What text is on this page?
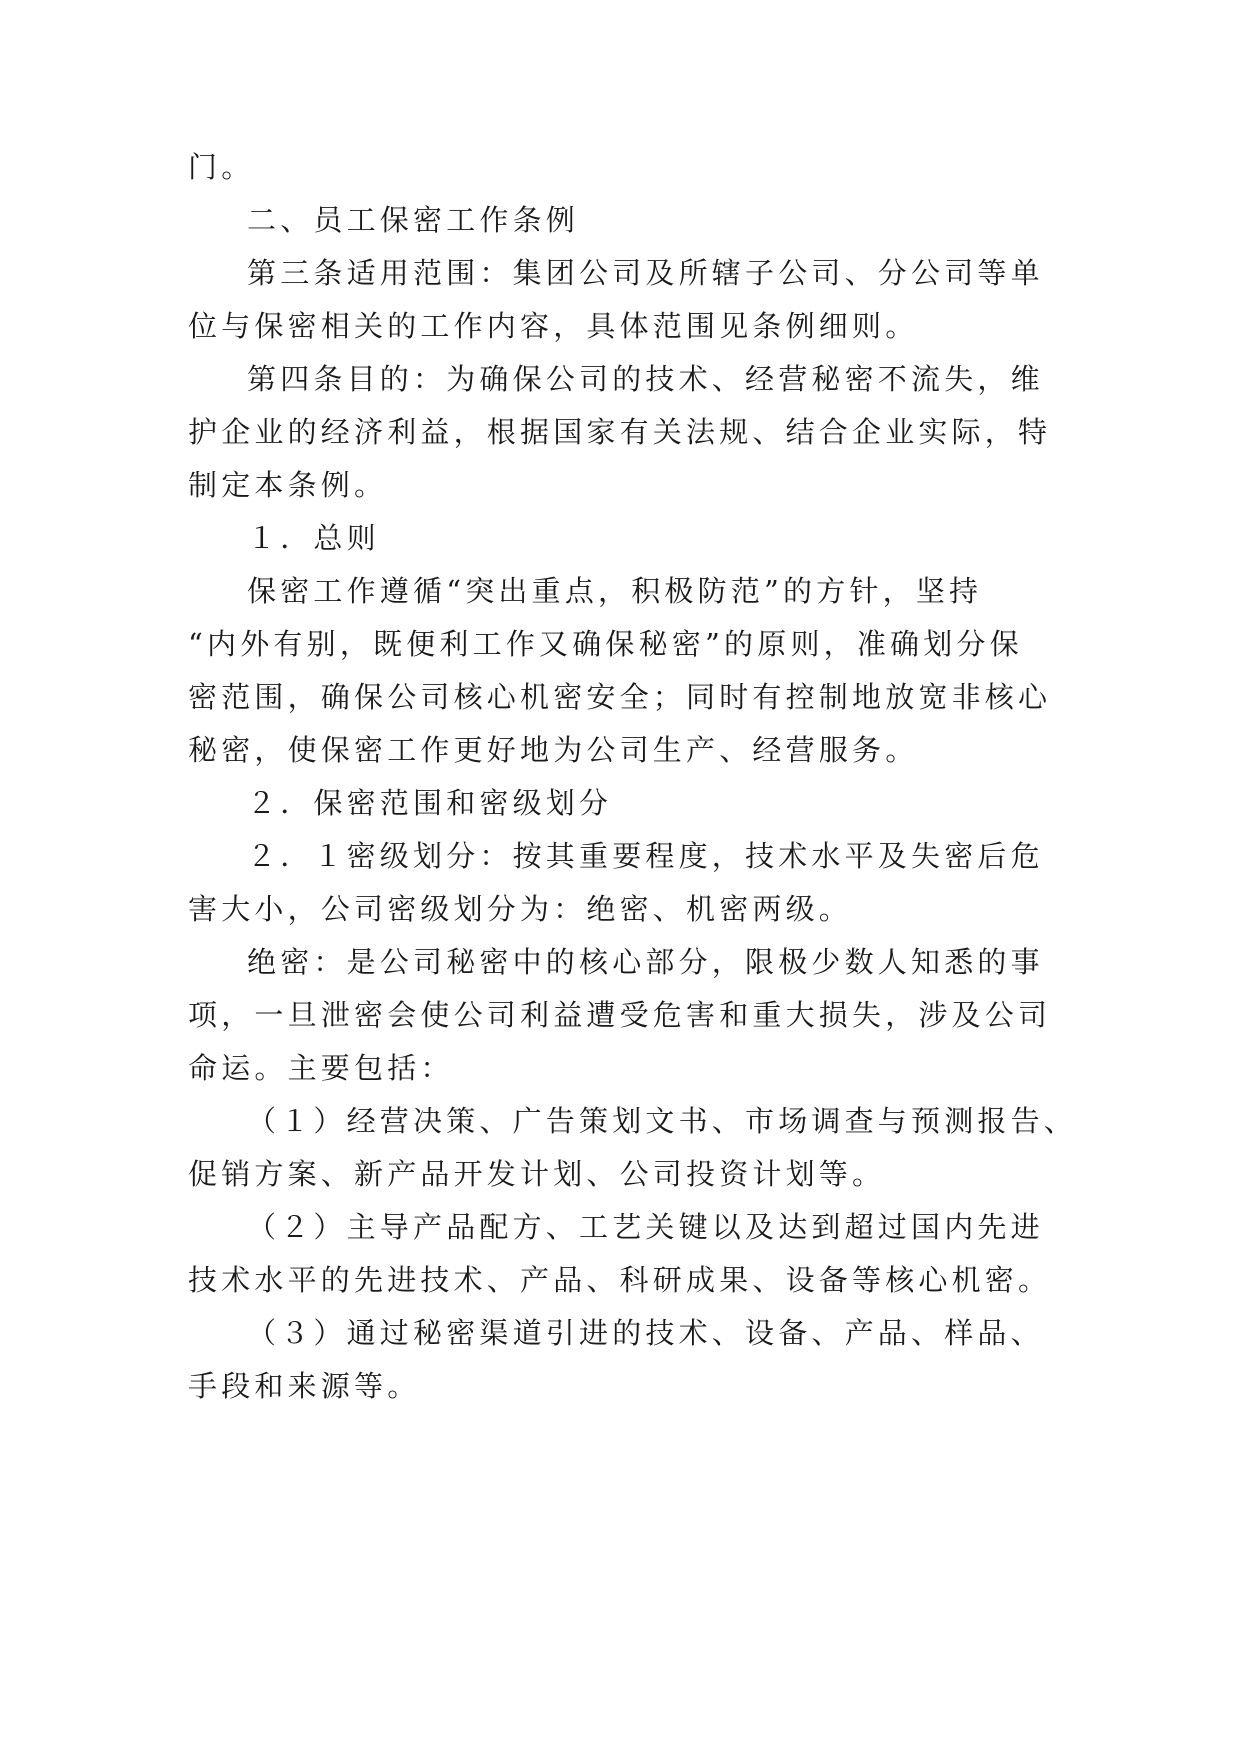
门。
二、员工保密工作条例
第三条适用范围：集团公司及所辖子公司、分公司等单
位与保密相关的工作内容，具体范围见条例细则。
第四条目的：为确保公司的技术、经营秘密不流失，维
护企业的经济利益，根据国家有关法规、结合企业实际，特
制定本条例。
１．总则
保密工作遵循“突出重点，积极防范”的方针，坚持
“内外有别，既便利工作又确保秘密”的原则，准确划分保
密范围，确保公司核心机密安全；同时有控制地放宽非核心
秘密，使保密工作更好地为公司生产、经营服务。
２．保密范围和密级划分
２．１密级划分：按其重要程度，技术水平及失密后危
害大小，公司密级划分为：绝密、机密两级。
绝密：是公司秘密中的核心部分，限极少数人知悉的事
项，一旦泄密会使公司利益遭受危害和重大损失，涉及公司
命运。主要包括：
（１）经营决策、广告策划文书、市场调查与预测报告、
促销方案、新产品开发计划、公司投资计划等。
（２）主导产品配方、工艺关键以及达到超过国内先进
技术水平的先进技术、产品、科研成果、设备等核心机密。
（３）通过秘密渠道引进的技术、设备、产品、样品、
手段和来源等。
